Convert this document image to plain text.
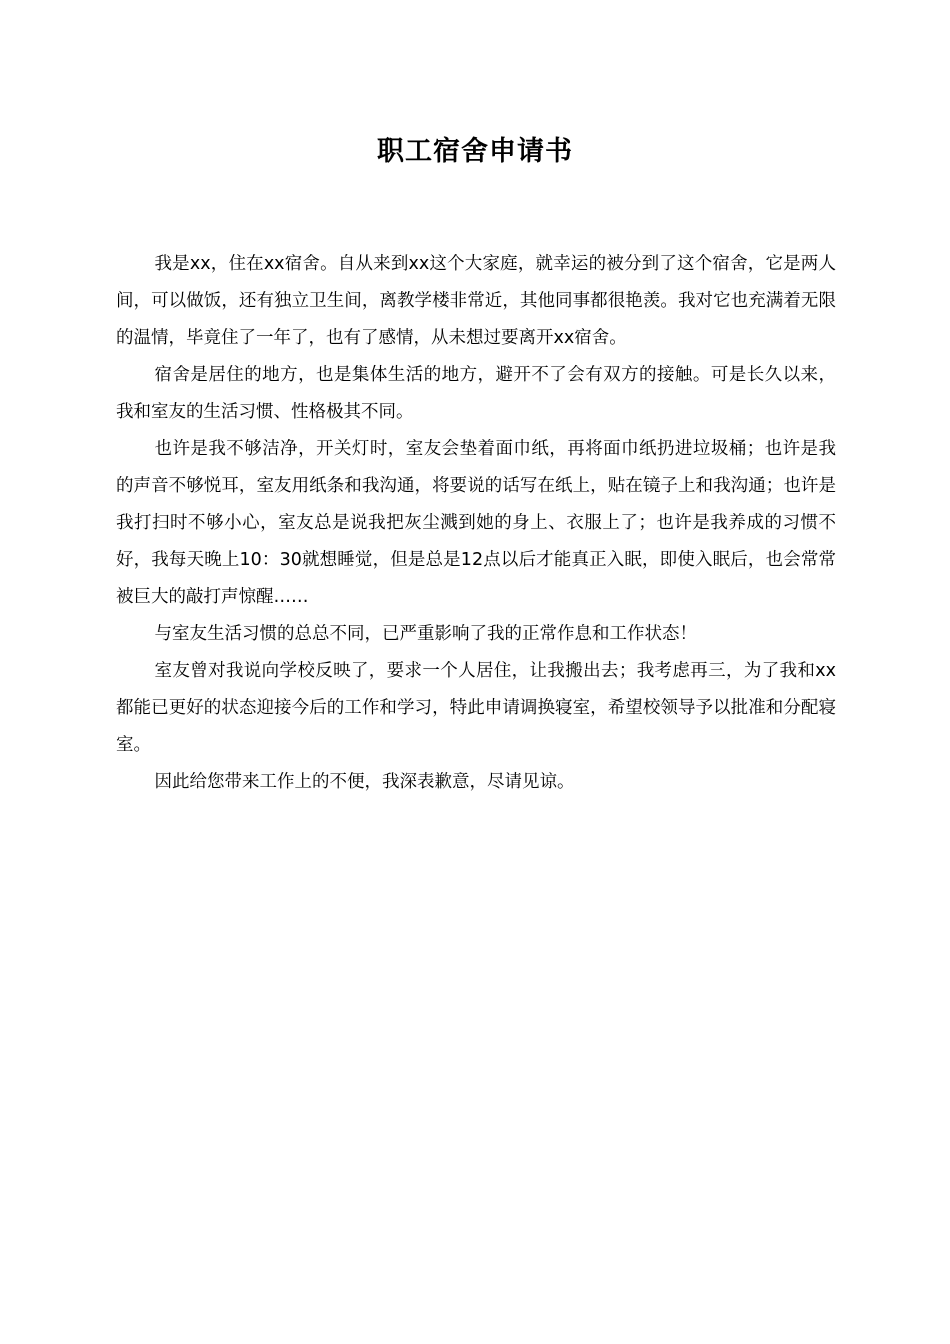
职工宿舍申请书

我是xx，住在xx宿舍。自从来到xx这个大家庭，就幸运的被分到了这个宿舍，它是两人间，可以做饭，还有独立卫生间，离教学楼非常近，其他同事都很艳羡。我对它也充满着无限的温情，毕竟住了一年了，也有了感情，从未想过要离开xx宿舍。

宿舍是居住的地方，也是集体生活的地方，避开不了会有双方的接触。可是长久以来，我和室友的生活习惯、性格极其不同。

也许是我不够洁净，开关灯时，室友会垫着面巾纸，再将面巾纸扔进垃圾桶；也许是我的声音不够悦耳，室友用纸条和我沟通，将要说的话写在纸上，贴在镜子上和我沟通；也许是我打扫时不够小心，室友总是说我把灰尘溅到她的身上、衣服上了；也许是我养成的习惯不好，我每天晚上10：30就想睡觉，但是总是12点以后才能真正入眠，即使入眠后，也会常常被巨大的敲打声惊醒……

与室友生活习惯的总总不同，已严重影响了我的正常作息和工作状态！

室友曾对我说向学校反映了，要求一个人居住，让我搬出去；我考虑再三，为了我和xx都能已更好的状态迎接今后的工作和学习，特此申请调换寝室，希望校领导予以批准和分配寝室。

因此给您带来工作上的不便，我深表歉意，尽请见谅。
